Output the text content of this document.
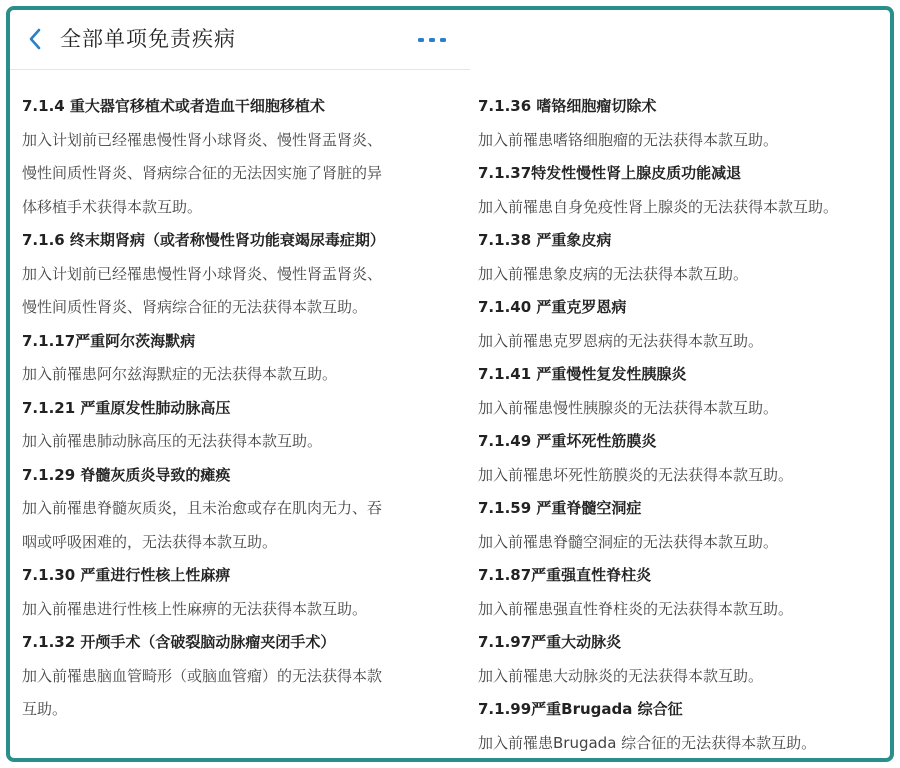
全部单项免责疾病
7.1.4 重大器官移植术或者造血干细胞移植术
加入计划前已经罹患慢性肾小球肾炎、慢性肾盂肾炎、
慢性间质性肾炎、肾病综合征的无法因实施了肾脏的异
体移植手术获得本款互助。
7.1.6 终末期肾病（或者称慢性肾功能衰竭尿毒症期）
加入计划前已经罹患慢性肾小球肾炎、慢性肾盂肾炎、
慢性间质性肾炎、肾病综合征的无法获得本款互助。
7.1.17严重阿尔茨海默病
加入前罹患阿尔兹海默症的无法获得本款互助。
7.1.21 严重原发性肺动脉高压
加入前罹患肺动脉高压的无法获得本款互助。
7.1.29 脊髓灰质炎导致的瘫痪
加入前罹患脊髓灰质炎，且未治愈或存在肌肉无力、吞
咽或呼吸困难的，无法获得本款互助。
7.1.30 严重进行性核上性麻痹
加入前罹患进行性核上性麻痹的无法获得本款互助。
7.1.32 开颅手术（含破裂脑动脉瘤夹闭手术）
加入前罹患脑血管畸形（或脑血管瘤）的无法获得本款
互助。
7.1.36 嗜铬细胞瘤切除术
加入前罹患嗜铬细胞瘤的无法获得本款互助。
7.1.37特发性慢性肾上腺皮质功能减退
加入前罹患自身免疫性肾上腺炎的无法获得本款互助。
7.1.38 严重象皮病
加入前罹患象皮病的无法获得本款互助。
7.1.40 严重克罗恩病
加入前罹患克罗恩病的无法获得本款互助。
7.1.41 严重慢性复发性胰腺炎
加入前罹患慢性胰腺炎的无法获得本款互助。
7.1.49 严重坏死性筋膜炎
加入前罹患坏死性筋膜炎的无法获得本款互助。
7.1.59 严重脊髓空洞症
加入前罹患脊髓空洞症的无法获得本款互助。
7.1.87严重强直性脊柱炎
加入前罹患强直性脊柱炎的无法获得本款互助。
7.1.97严重大动脉炎
加入前罹患大动脉炎的无法获得本款互助。
7.1.99严重Brugada 综合征
加入前罹患Brugada 综合征的无法获得本款互助。
